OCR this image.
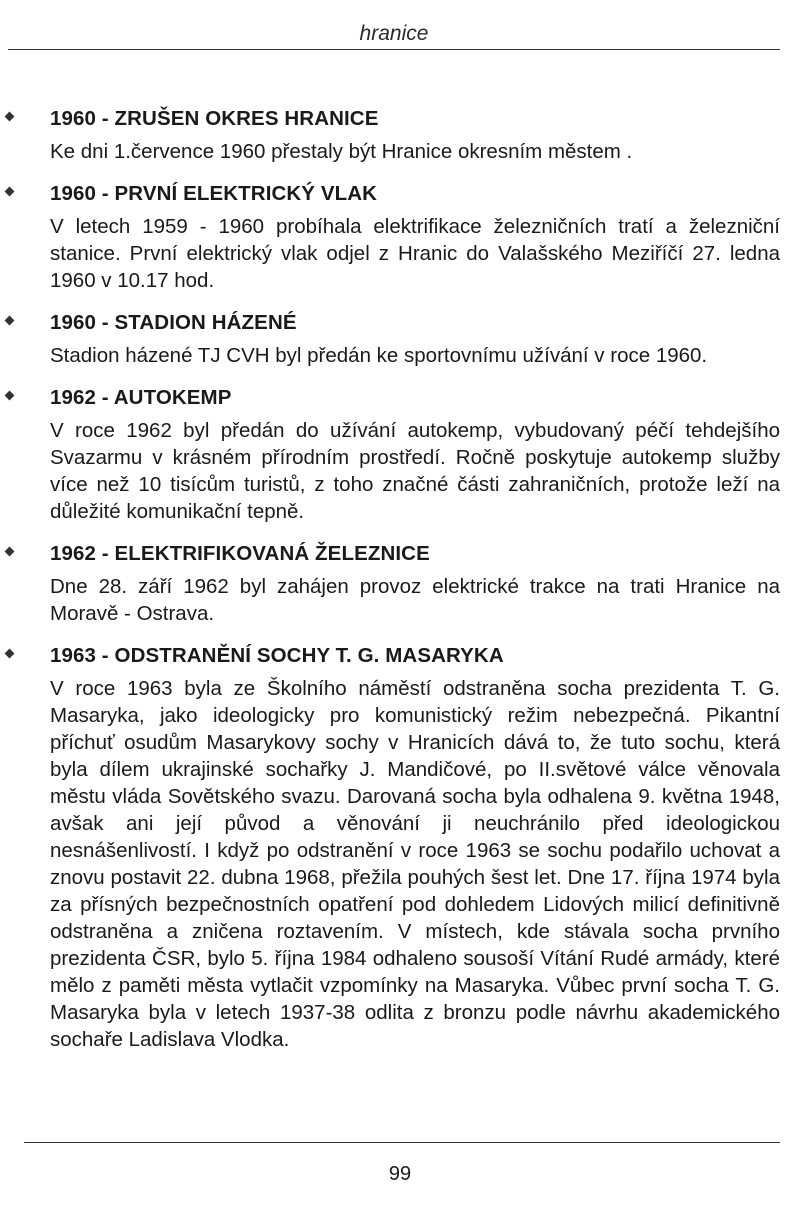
hranice
1960 - ZRUŠEN OKRES HRANICE
Ke dni 1.července 1960 přestaly být Hranice okresním městem .
1960 - PRVNÍ ELEKTRICKÝ VLAK
V letech 1959 - 1960 probíhala elektrifikace železničních tratí a železniční stanice. První elektrický vlak odjel z Hranic do Valašského Meziříčí 27. ledna 1960 v 10.17 hod.
1960 - STADION HÁZENÉ
Stadion házené TJ CVH byl předán ke sportovnímu užívání v roce 1960.
1962 - AUTOKEMP
V roce 1962 byl předán do užívání autokemp, vybudovaný péčí tehdejšího Svazarmu v krásném přírodním prostředí. Ročně poskytuje autokemp služby více než 10 tisícům turistů, z toho značné části zahraničních, protože leží na důležité komunikační tepně.
1962 - ELEKTRIFIKOVANÁ ŽELEZNICE
Dne 28. září 1962 byl zahájen provoz elektrické trakce na trati Hranice na Moravě - Ostrava.
1963 - ODSTRANĚNÍ SOCHY T. G. MASARYKA
V roce 1963 byla ze Školního náměstí odstraněna socha prezidenta T. G. Masaryka, jako ideologicky pro komunistický režim nebezpečná. Pikantní příchuť osudům Masarykovy sochy v Hranicích dává to, že tuto sochu, která byla dílem ukrajinské sochařky J. Mandičové, po II.světové válce věnovala městu vláda Sovětského svazu. Darovaná socha byla odhalena 9. května 1948, avšak ani její původ a věnování ji neuchránilo před ideologickou nesnášenlivostí. I když po odstranění v roce 1963 se sochu podařilo uchovat a znovu postavit 22. dubna 1968, přežila pouhých šest let. Dne 17. října 1974 byla za přísných bezpečnostních opatření pod dohledem Lidových milicí definitivně odstraněna a zničena roztavením. V místech, kde stávala socha prvního prezidenta ČSR, bylo 5. října 1984 odhaleno sousoší Vítání Rudé armády, které mělo z paměti města vytlačit vzpomínky na Masaryka. Vůbec první socha T. G. Masaryka byla v letech 1937-38 odlita z bronzu podle návrhu akademického sochaře Ladislava Vlodka.
99
